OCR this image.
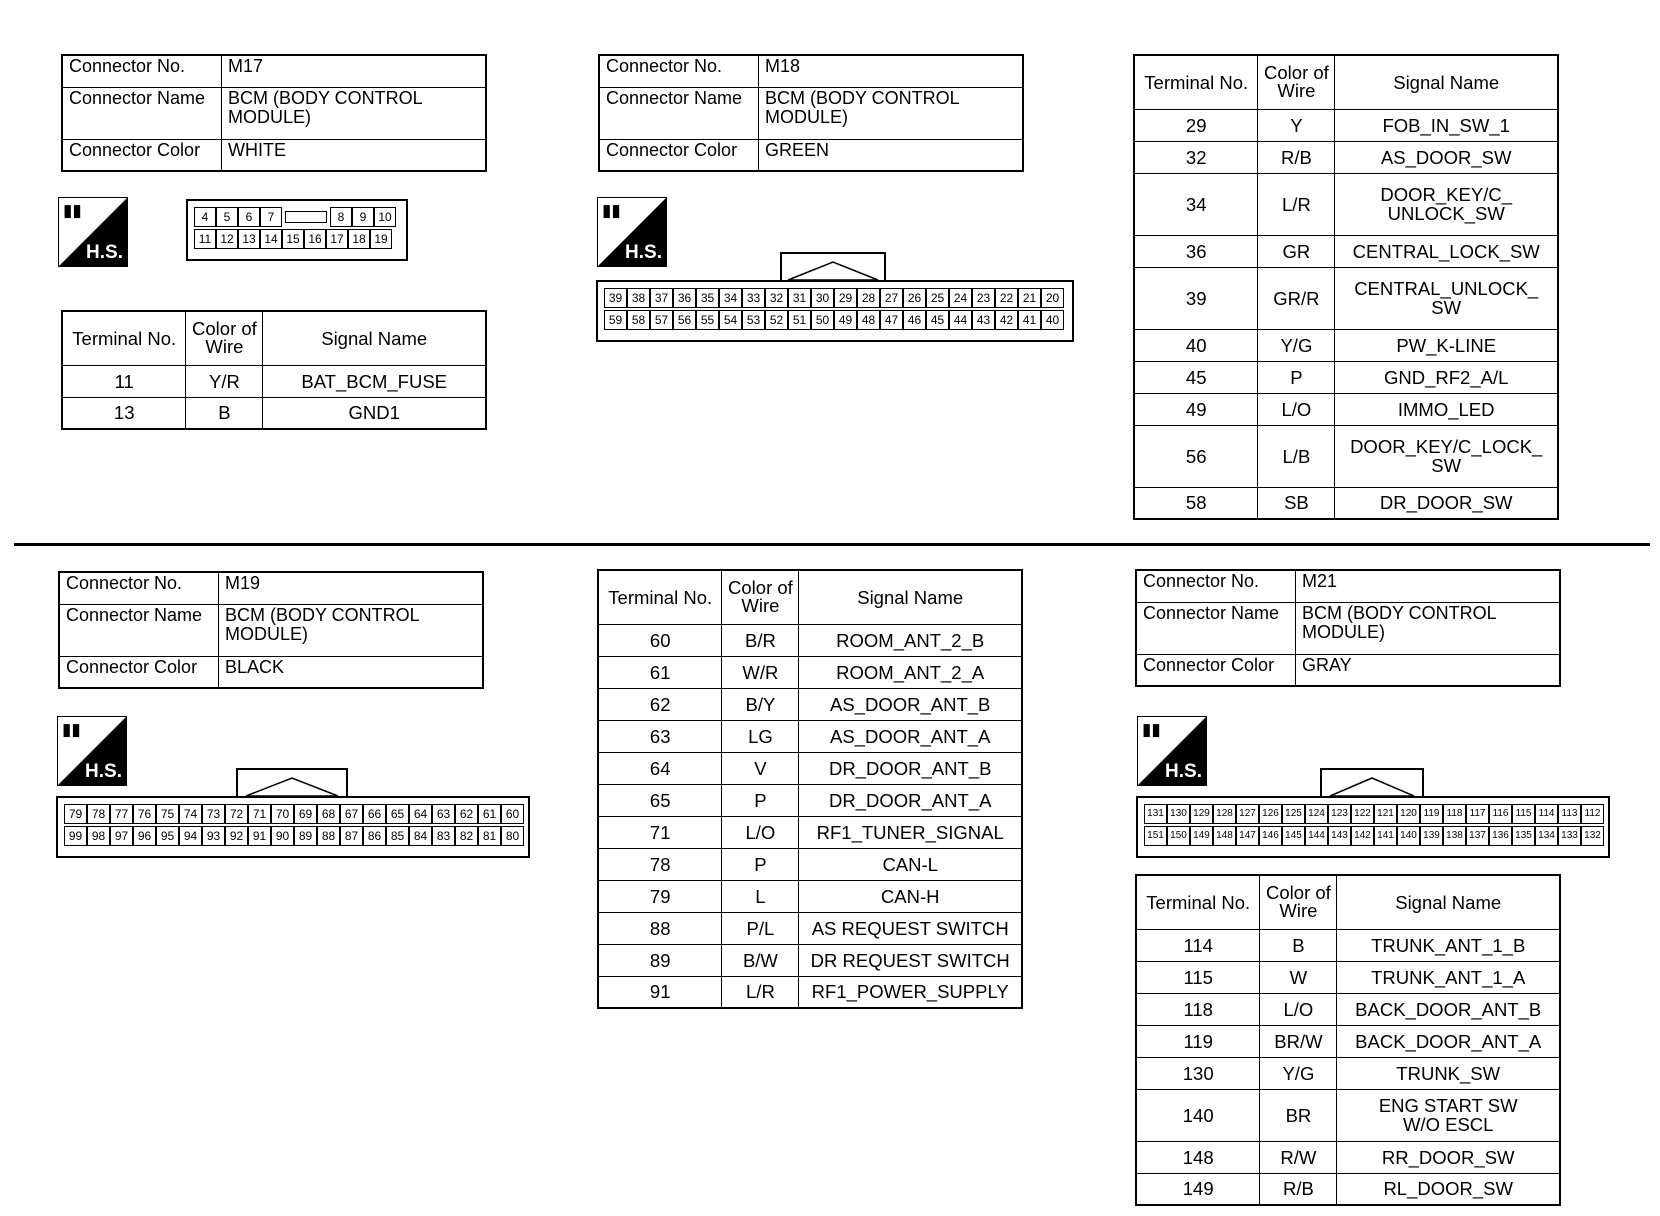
Connector No.	M17
Connector Name	BCM (BODY CONTROL MODULE)
Connector Color	WHITE
▮▮
H.S.
4	5	6	7	8	9 10
11 12 13 14 15 16 17 18 19
Terminal No.	Color of Wire	Signal Name
11	Y/R	BAT_BCM_FUSE
13	B	GND1
Connector No.	M18
Connector Name	BCM (BODY CONTROL MODULE)
Connector Color	GREEN
▮▮
H.S.
39 38 37 36 35 34 33 32 31 30 29 28 27 26 25 24 23 22 21 20
59 58 57 56 55 54 53 52 51 50 49 48 47 46 45 44 43 42 41 40
Terminal No.	Color of Wire	Signal Name
29	Y	FOB_IN_SW_1
32	R/B	AS_DOOR_SW
34	L/R	DOOR_KEY/C_
UNLOCK_SW
36	GR	CENTRAL_LOCK_SW
39	GR/R	CENTRAL_UNLOCK_
SW
40	Y/G	PW_K-LINE
45	P	GND_RF2_A/L
49	L/O	IMMO_LED
56	L/B	DOOR_KEY/C_LOCK_
SW
58	SB	DR_DOOR_SW
Connector No.	M19
Connector Name	BCM (BODY CONTROL MODULE)
Connector Color	BLACK
▮▮
H.S.
79 78 77 76 75 74 73 72 71 70 69 68 67 66 65 64 63 62 61 60
99 98 97 96 95 94 93 92 91 90 89 88 87 86 85 84 83 82 81 80
Terminal No.	Color of Wire	Signal Name
60	B/R	ROOM_ANT_2_B
61	W/R	ROOM_ANT_2_A
62	B/Y	AS_DOOR_ANT_B
63	LG	AS_DOOR_ANT_A
64	V	DR_DOOR_ANT_B
65	P	DR_DOOR_ANT_A
71	L/O	RF1_TUNER_SIGNAL
78	P	CAN-L
79	L	CAN-H
88	P/L	AS REQUEST SWITCH
89	B/W	DR REQUEST SWITCH
91	L/R	RF1_POWER_SUPPLY
Connector No.	M21
Connector Name	BCM (BODY CONTROL MODULE)
Connector Color	GRAY
▮▮
H.S.
131 130 129 128 127 126 125 124 123 122 121 120 119 118 117 116 115 114 113 112
151 150 149 148 147 146 145 144 143 142 141 140 139 138 137 136 135 134 133 132
Terminal No.	Color of Wire	Signal Name
114	B	TRUNK_ANT_1_B
115	W	TRUNK_ANT_1_A
118	L/O	BACK_DOOR_ANT_B
119	BR/W	BACK_DOOR_ANT_A
130	Y/G	TRUNK_SW
140	BR	ENG START SW
W/O ESCL
148	R/W	RR_DOOR_SW
149	R/B	RL_DOOR_SW
